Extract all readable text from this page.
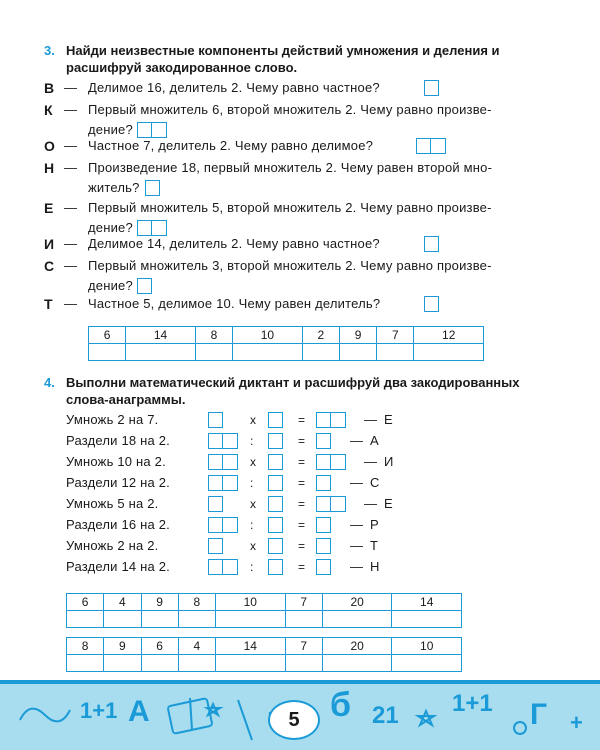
3. Найди неизвестные компоненты действий умножения и деления и
расшифруй закодированное слово.
В — Делимое 16, делитель 2. Чему равно частное?
К — Первый множитель 6, второй множитель 2. Чему равно произве-
дение?
О — Частное 7, делитель 2. Чему равно делимое?
Н — Произведение 18, первый множитель 2. Чему равен второй мно-
житель?
Е — Первый множитель 5, второй множитель 2. Чему равно произве-
дение?
И — Делимое 14, делитель 2. Чему равно частное?
С — Первый множитель 3, второй множитель 2. Чему равно произве-
дение?
Т — Частное 5, делимое 10. Чему равен делитель?
6	14	8	10	2	9	7	12

4. Выполни математический диктант и расшифруй два закодированных
слова-анаграммы.
Умножь 2 на 7.	x	=	— Е
Раздели 18 на 2.	:	=	— А
Умножь 10 на 2.	x	=	— И
Раздели 12 на 2.	:	=	— С
Умножь 5 на 2.	x	=	— Е
Раздели 16 на 2.	:	=	— Р
Умножь 2 на 2.	x	=	— Т
Раздели 14 на 2.	:	=	— Н
6	4	9	8	10	7	20	14

8	9	6	4	14	7	20	10

1+1 A	б 21 1+1 Г +
5
